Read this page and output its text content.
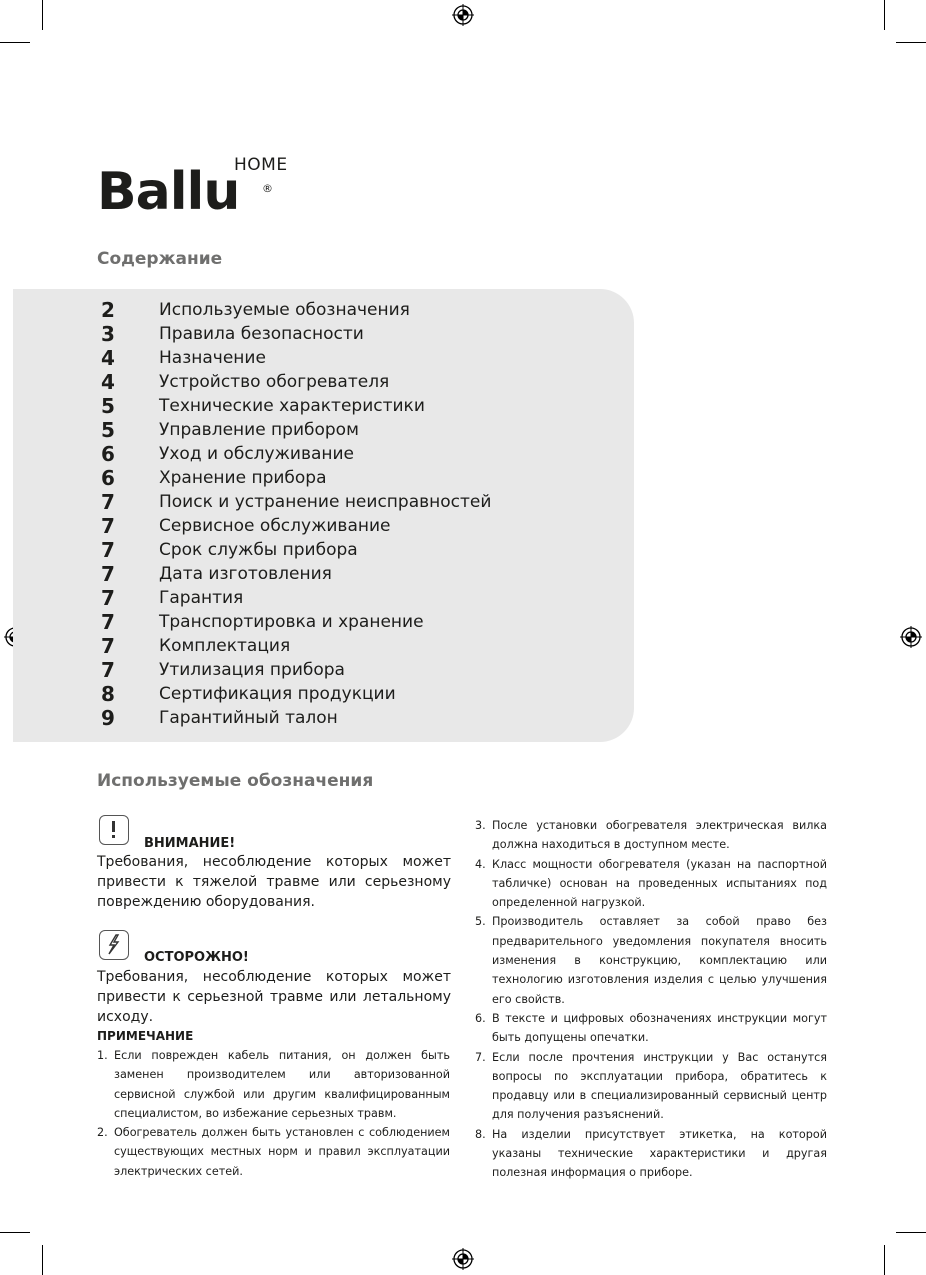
Ballu
HOME
®
Содержание
2	Используемые обозначения
3	Правила безопасности
4	Назначение
4	Устройство обогревателя
5	Технические характеристики
5	Управление прибором
6	Уход и обслуживание
6	Хранение прибора
7	Поиск и устранение неисправностей
7	Сервисное обслуживание
7	Срок службы прибора
7	Дата изготовления
7	Гарантия
7	Транспортировка и хранение
7	Комплектация
7	Утилизация прибора
8	Сертификация продукции
9	Гарантийный талон
Используемые обозначения
ВНИМАНИЕ!
Требования, несоблюдение которых может привести к тяжелой травме или серьезному повреждению оборудования.
ОСТОРОЖНО!
Требования, несоблюдение которых может привести к серьезной травме или летальному исходу.
ПРИМЕЧАНИЕ
1. Если поврежден кабель питания, он должен быть заменен производителем или авторизованной сервисной службой или другим квалифицированным специалистом, во избежание серьезных травм.
2. Обогреватель должен быть установлен с соблюдением существующих местных норм и правил эксплуатации электрических сетей.
3. После установки обогревателя электрическая вилка должна находиться в доступном месте.
4. Класс мощности обогревателя (указан на паспортной табличке) основан на проведенных испытаниях под определенной нагрузкой.
5. Производитель оставляет за собой право без предварительного уведомления покупателя вносить изменения в конструкцию, комплектацию или технологию изготовления изделия с целью улучшения его свойств.
6. В тексте и цифровых обозначениях инструкции могут быть допущены опечатки.
7. Если после прочтения инструкции у Вас останутся вопросы по эксплуатации прибора, обратитесь к продавцу или в специализированный сервисный центр для получения разъяснений.
8. На изделии присутствует этикетка, на которой указаны технические характеристики и другая полезная информация о приборе.
